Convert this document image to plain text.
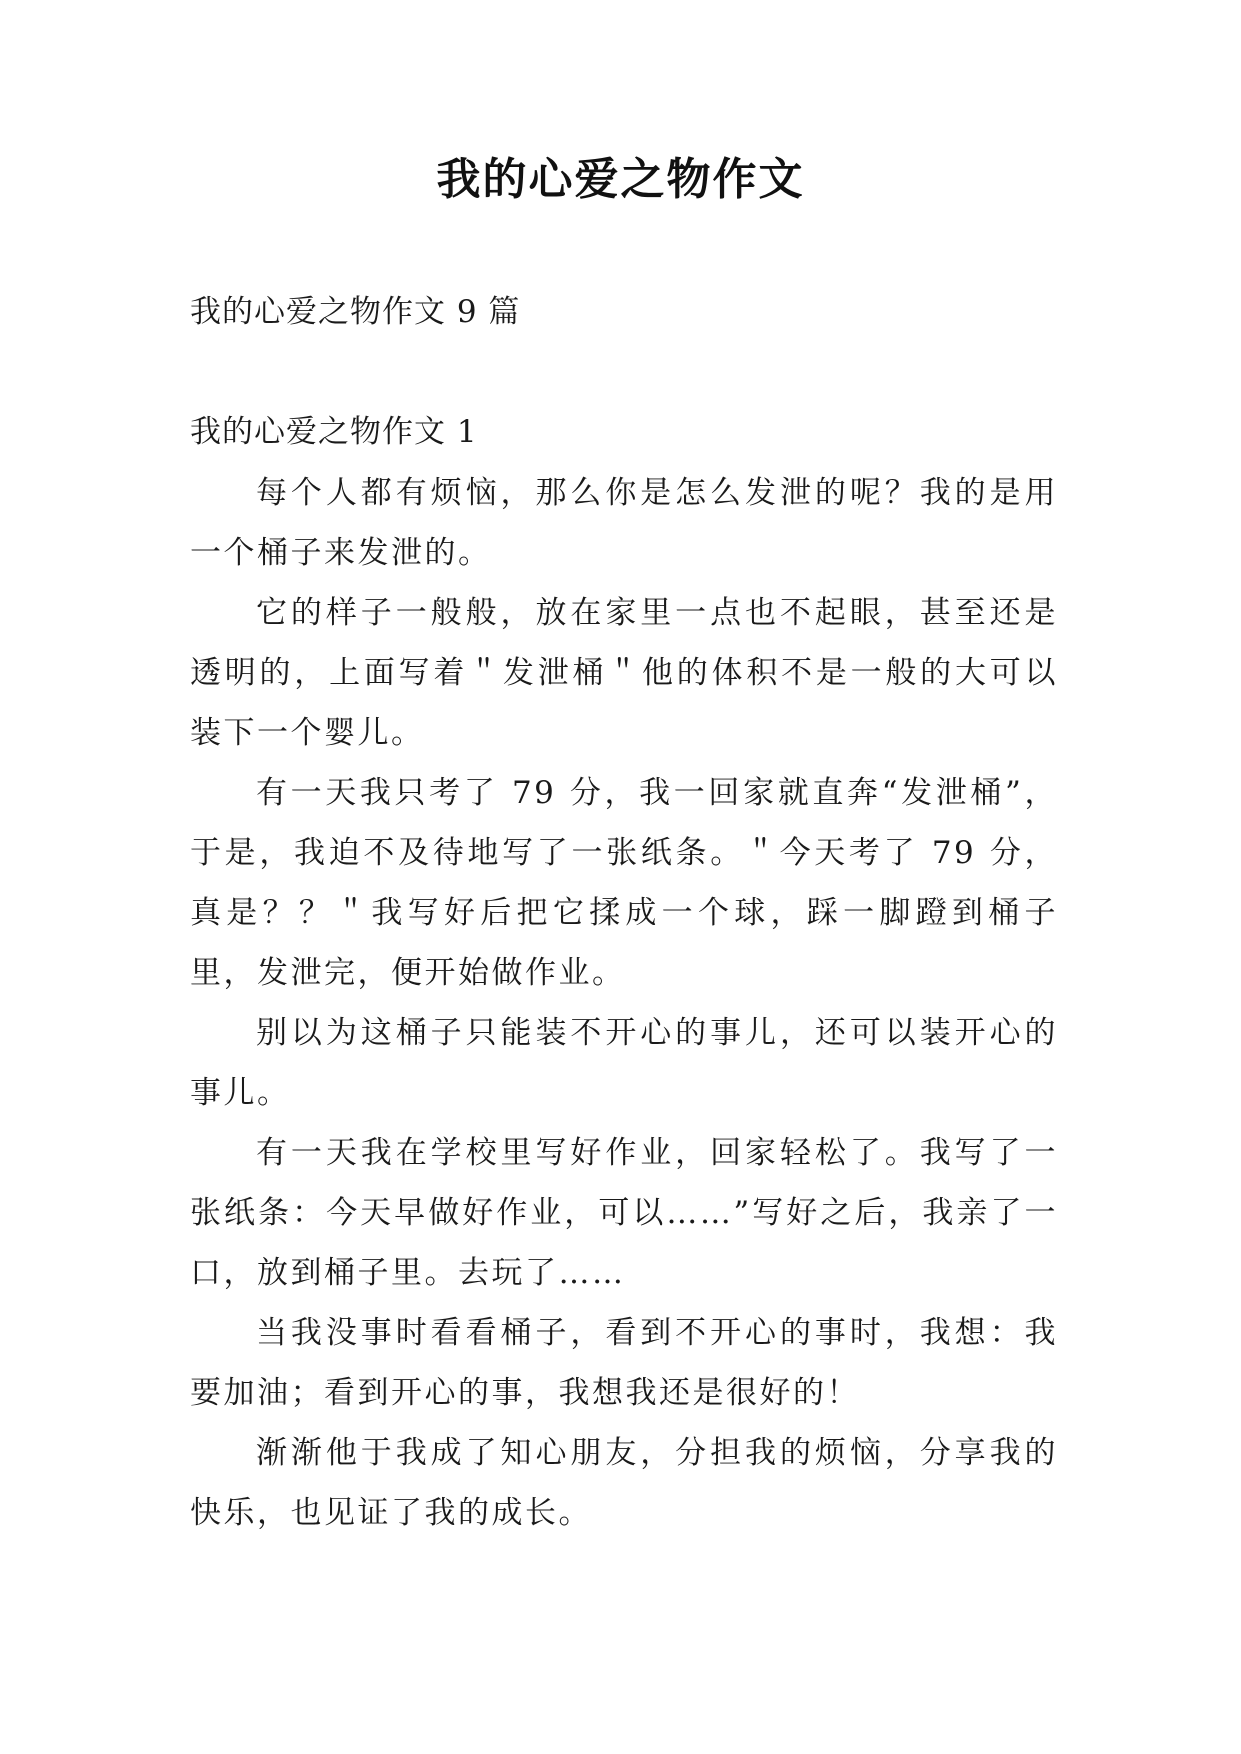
我的心爱之物作文
我的心爱之物作文 9 篇
我的心爱之物作文 1

每个人都有烦恼，那么你是怎么发泄的呢？我的是用一个桶子来发泄的。

它的样子一般般，放在家里一点也不起眼，甚至还是透明的，上面写着＂发泄桶＂他的体积不是一般的大可以装下一个婴儿。

有一天我只考了 79 分，我一回家就直奔“发泄桶”，于是，我迫不及待地写了一张纸条。＂今天考了 79 分，真是？？＂我写好后把它揉成一个球，踩一脚蹬到桶子里，发泄完，便开始做作业。

别以为这桶子只能装不开心的事儿，还可以装开心的事儿。

有一天我在学校里写好作业，回家轻松了。我写了一张纸条：今天早做好作业，可以……”写好之后，我亲了一口，放到桶子里。去玩了……

当我没事时看看桶子，看到不开心的事时，我想：我要加油；看到开心的事，我想我还是很好的！

渐渐他于我成了知心朋友，分担我的烦恼，分享我的快乐，也见证了我的成长。
